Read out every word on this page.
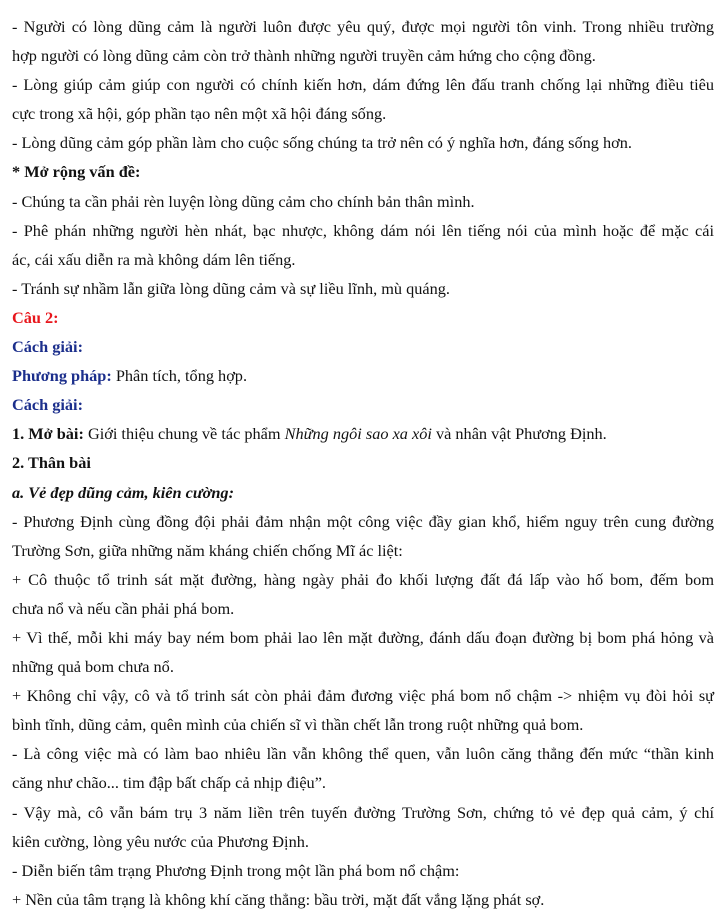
- Người có lòng dũng cảm là người luôn được yêu quý, được mọi người tôn vinh. Trong nhiều trường
hợp người có lòng dũng cảm còn trở thành những người truyền cảm hứng cho cộng đồng.
- Lòng giúp cảm giúp con người có chính kiến hơn, dám đứng lên đấu tranh chống lại những điều tiêu
cực trong xã hội, góp phần tạo nên một xã hội đáng sống.
- Lòng dũng cảm góp phần làm cho cuộc sống chúng ta trở nên có ý nghĩa hơn, đáng sống hơn.
* Mở rộng vấn đề:
- Chúng ta cần phải rèn luyện lòng dũng cảm cho chính bản thân mình.
- Phê phán những người hèn nhát, bạc nhược, không dám nói lên tiếng nói của mình hoặc để mặc cái
ác, cái xấu diễn ra mà không dám lên tiếng.
- Tránh sự nhầm lẫn giữa lòng dũng cảm và sự liều lĩnh, mù quáng.
Câu 2:
Cách giải:
Phương pháp: Phân tích, tổng hợp.
Cách giải:
1. Mở bài: Giới thiệu chung về tác phẩm Những ngôi sao xa xôi và nhân vật Phương Định.
2. Thân bài
a. Vẻ đẹp dũng cảm, kiên cường:
- Phương Định cùng đồng đội phải đảm nhận một công việc đầy gian khổ, hiểm nguy trên cung đường
Trường Sơn, giữa những năm kháng chiến chống Mĩ ác liệt:
+ Cô thuộc tổ trinh sát mặt đường, hàng ngày phải đo khối lượng đất đá lấp vào hố bom, đếm bom
chưa nổ và nếu cần phải phá bom.
+ Vì thế, mỗi khi máy bay ném bom phải lao lên mặt đường, đánh dấu đoạn đường bị bom phá hỏng và
những quả bom chưa nổ.
+ Không chỉ vậy, cô và tổ trinh sát còn phải đảm đương việc phá bom nổ chậm -> nhiệm vụ đòi hỏi sự
bình tĩnh, dũng cảm, quên mình của chiến sĩ vì thần chết lẫn trong ruột những quả bom.
- Là công việc mà có làm bao nhiêu lần vẫn không thể quen, vẫn luôn căng thẳng đến mức “thần kinh
căng như chão... tim đập bất chấp cả nhịp điệu”.
- Vậy mà, cô vẫn bám trụ 3 năm liền trên tuyến đường Trường Sơn, chứng tỏ vẻ đẹp quả cảm, ý chí
kiên cường, lòng yêu nước của Phương Định.
- Diễn biến tâm trạng Phương Định trong một lần phá bom nổ chậm:
+ Nền của tâm trạng là không khí căng thẳng: bầu trời, mặt đất vắng lặng phát sợ.
